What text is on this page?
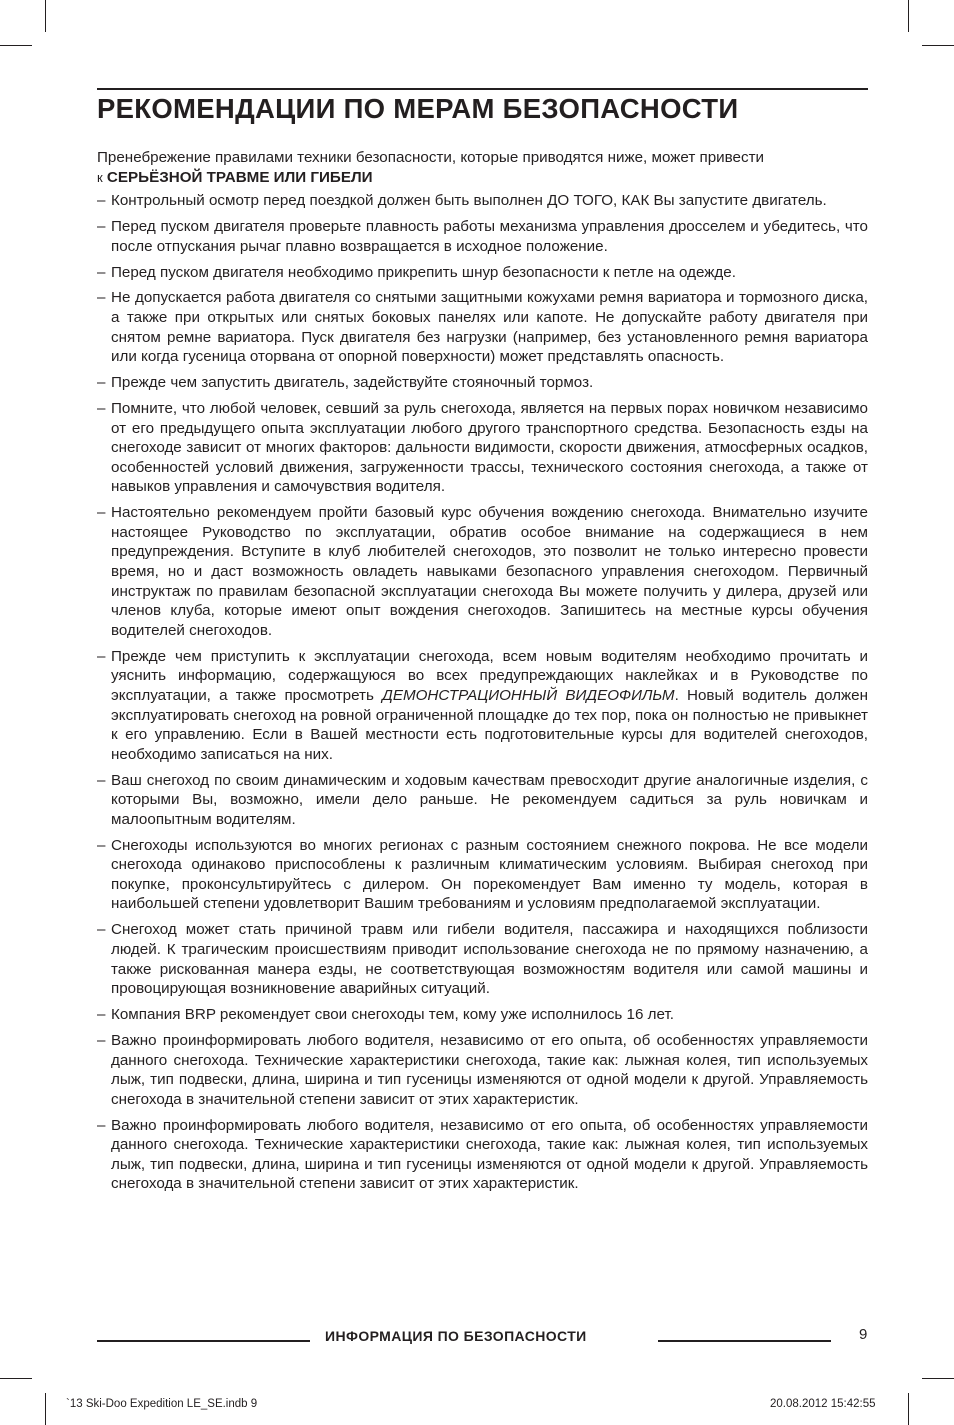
РЕКОМЕНДАЦИИ ПО МЕРАМ БЕЗОПАСНОСТИ

Пренебрежение правилами техники безопасности, которые приводятся ниже, может привести
к СЕРЬЁЗНОЙ ТРАВМЕ ИЛИ ГИБЕЛИ

– Контрольный осмотр перед поездкой должен быть выполнен ДО ТОГО, КАК Вы запустите двигатель.
– Перед пуском двигателя проверьте плавность работы механизма управления дросселем и убедитесь, что после отпускания рычаг плавно возвращается в исходное положение.
– Перед пуском двигателя необходимо прикрепить шнур безопасности к петле на одежде.
– Не допускается работа двигателя со снятыми защитными кожухами ремня вариатора и тормозного диска, а также при открытых или снятых боковых панелях или капоте. Не допускайте работу двигателя при снятом ремне вариатора. Пуск двигателя без нагрузки (например, без установленного ремня вариатора или когда гусеница оторвана от опорной поверхности) может представлять опасность.
– Прежде чем запустить двигатель, задействуйте стояночный тормоз.
– Помните, что любой человек, севший за руль снегохода, является на первых порах новичком независимо от его предыдущего опыта эксплуатации любого другого транспортного средства. Безопасность езды на снегоходе зависит от многих факторов: дальности видимости, скорости движения, атмосферных осадков, особенностей условий движения, загруженности трассы, технического состояния снегохода, а также от навыков управления и самочувствия водителя.
– Настоятельно рекомендуем пройти базовый курс обучения вождению снегохода. Внимательно изучите настоящее Руководство по эксплуатации, обратив особое внимание на содержащиеся в нем предупреждения. Вступите в клуб любителей снегоходов, это позволит не только интересно провести время, но и даст возможность овладеть навыками безопасного управления снегоходом. Первичный инструктаж по правилам безопасной эксплуатации снегохода Вы можете получить у дилера, друзей или членов клуба, которые имеют опыт вождения снегоходов. Запишитесь на местные курсы обучения водителей снегоходов.
– Прежде чем приступить к эксплуатации снегохода, всем новым водителям необходимо прочитать и уяснить информацию, содержащуюся во всех предупреждающих наклейках и в Руководстве по эксплуатации, а также просмотреть ДЕМОНСТРАЦИОННЫЙ ВИДЕОФИЛЬМ. Новый водитель должен эксплуатировать снегоход на ровной ограниченной площадке до тех пор, пока он полностью не привыкнет к его управлению. Если в Вашей местности есть подготовительные курсы для водителей снегоходов, необходимо записаться на них.
– Ваш снегоход по своим динамическим и ходовым качествам превосходит другие аналогичные изделия, с которыми Вы, возможно, имели дело раньше. Не рекомендуем садиться за руль новичкам и малоопытным водителям.
– Снегоходы используются во многих регионах с разным состоянием снежного покрова. Не все модели снегохода одинаково приспособлены к различным климатическим условиям. Выбирая снегоход при покупке, проконсультируйтесь с дилером. Он порекомендует Вам именно ту модель, которая в наибольшей степени удовлетворит Вашим требованиям и условиям предполагаемой эксплуатации.
– Снегоход может стать причиной травм или гибели водителя, пассажира и находящихся поблизости людей. К трагическим происшествиям приводит использование снегохода не по прямому назначению, а также рискованная манера езды, не соответствующая возможностям водителя или самой машины и провоцирующая возникновение аварийных ситуаций.
– Компания BRP рекомендует свои снегоходы тем, кому уже исполнилось 16 лет.
– Важно проинформировать любого водителя, независимо от его опыта, об особенностях управляемости данного снегохода. Технические характеристики снегохода, такие как: лыжная колея, тип используемых лыж, тип подвески, длина, ширина и тип гусеницы изменяются от одной модели к другой. Управляемость снегохода в значительной степени зависит от этих характеристик.
– Важно проинформировать любого водителя, независимо от его опыта, об особенностях управляемости данного снегохода. Технические характеристики снегохода, такие как: лыжная колея, тип используемых лыж, тип подвески, длина, ширина и тип гусеницы изменяются от одной модели к другой. Управляемость снегохода в значительной степени зависит от этих характеристик.
ИНФОРМАЦИЯ ПО БЕЗОПАСНОСТИ	9
`13 Ski-Doo Expedition LE_SE.indb 9	20.08.2012 15:42:55
